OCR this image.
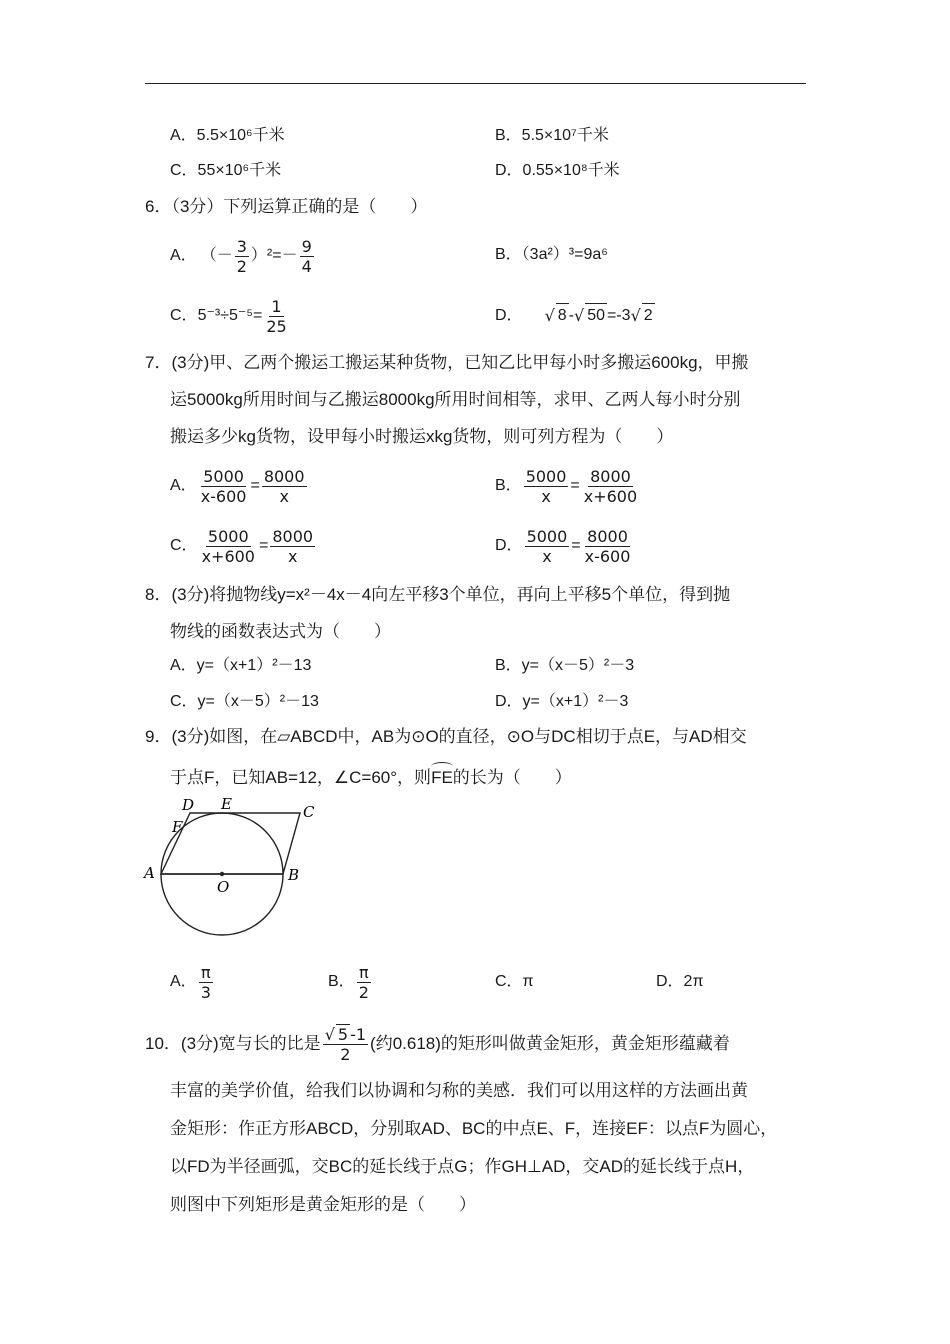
A．5.5×10⁶千米	B．5.5×10⁷千米
C．55×10⁶千米	D．0.55×10⁸千米
6．（3分）下列运算正确的是（　　）
A． （－ $\frac{3}{2} )^2=- \frac{9}{4}$	B．（3a²）³=9a⁶
C． $5^{-3}\div 5^{-5}= \frac{1}{25}$	D． √ 8 - √ 50 =-3 √ 2
7．(3分)甲、乙两个搬运工搬运某种货物，已知乙比甲每小时多搬运600kg，甲搬
运5000kg所用时间与乙搬运8000kg所用时间相等，求甲、乙两人每小时分别
搬运多少kg货物，设甲每小时搬运xkg货物，则可列方程为（　　）
A． $\frac{5000}{x-600} = \frac{8000}{x}$	B． $\frac{5000}{x} = \frac{8000}{x+600}$
C． $\frac{5000}{x+600} = \frac{8000}{x}$	D． $\frac{5000}{x} = \frac{8000}{x-600}$
8．(3分)将抛物线y=x²－4x－4向左平移3个单位，再向上平移5个单位，得到抛
物线的函数表达式为（　　）
A．y=（x+1）²－13	B．y=（x－5）²－3
C．y=（x－5）²－13	D．y=（x+1）²－3
9．(3分)如图，在▱ABCD中，AB为⊙O的直径，⊙O与DC相切于点E，与AD相交
于点F，已知AB=12，∠C=60°，则FE的长为（　　）
D E	C
F
A
O
B
A． $\frac{\pi}{3}$	B． $\frac{\pi}{2}$	C．π	D．2π
10．(3分)宽与长的比是 $\frac{√ 5 -1}{2}$ (约0.618)的矩形叫做黄金矩形，黄金矩形蕴藏着
丰富的美学价值，给我们以协调和匀称的美感．我们可以用这样的方法画出黄
金矩形：作正方形ABCD，分别取AD、BC的中点E、F，连接EF：以点F为圆心，
以FD为半径画弧，交BC的延长线于点G；作GH⊥AD，交AD的延长线于点H，
则图中下列矩形是黄金矩形的是（　　）
